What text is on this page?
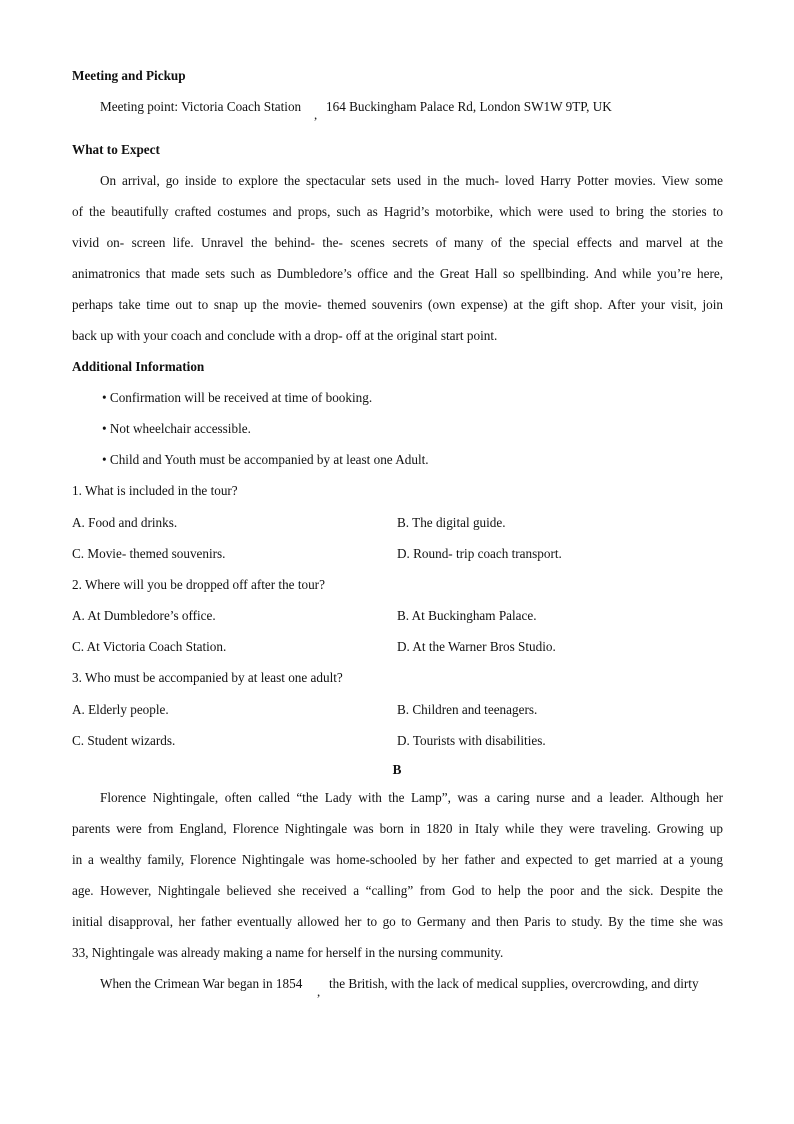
Meeting and Pickup
Meeting point: Victoria Coach Station
,
164 Buckingham Palace Rd, London SW1W 9TP, UK
What to Expect
On arrival, go inside to explore the spectacular sets used in the much- loved Harry Potter movies. View some
of the beautifully crafted costumes and props, such as Hagrid’s motorbike, which were used to bring the stories to
vivid on- screen life. Unravel the behind- the- scenes secrets of many of the special effects and marvel at the
animatronics that made sets such as Dumbledore’s office and the Great Hall so spellbinding. And while you’re here,
perhaps take time out to snap up the movie- themed souvenirs (own expense) at the gift shop. After your visit, join
back up with your coach and conclude with a drop- off at the original start point.
Additional Information
• Confirmation will be received at time of booking.
• Not wheelchair accessible.
• Child and Youth must be accompanied by at least one Adult.
1. What is included in the tour?
A. Food and drinks.	B. The digital guide.
C. Movie- themed souvenirs.	D. Round- trip coach transport.
2. Where will you be dropped off after the tour?
A. At Dumbledore’s office.	B. At Buckingham Palace.
C. At Victoria Coach Station.	D. At the Warner Bros Studio.
3. Who must be accompanied by at least one adult?
A. Elderly people.	B. Children and teenagers.
C. Student wizards.	D. Tourists with disabilities.
B
Florence Nightingale, often called “the Lady with the Lamp”, was a caring nurse and a leader. Although her
parents were from England, Florence Nightingale was born in 1820 in Italy while they were traveling. Growing up
in a wealthy family, Florence Nightingale was home-schooled by her father and expected to get married at a young
age. However, Nightingale believed she received a “calling” from God to help the poor and the sick. Despite the
initial disapproval, her father eventually allowed her to go to Germany and then Paris to study. By the time she was
33, Nightingale was already making a name for herself in the nursing community.
When the Crimean War began in 1854
,
the British, with the lack of medical supplies, overcrowding, and dirty
